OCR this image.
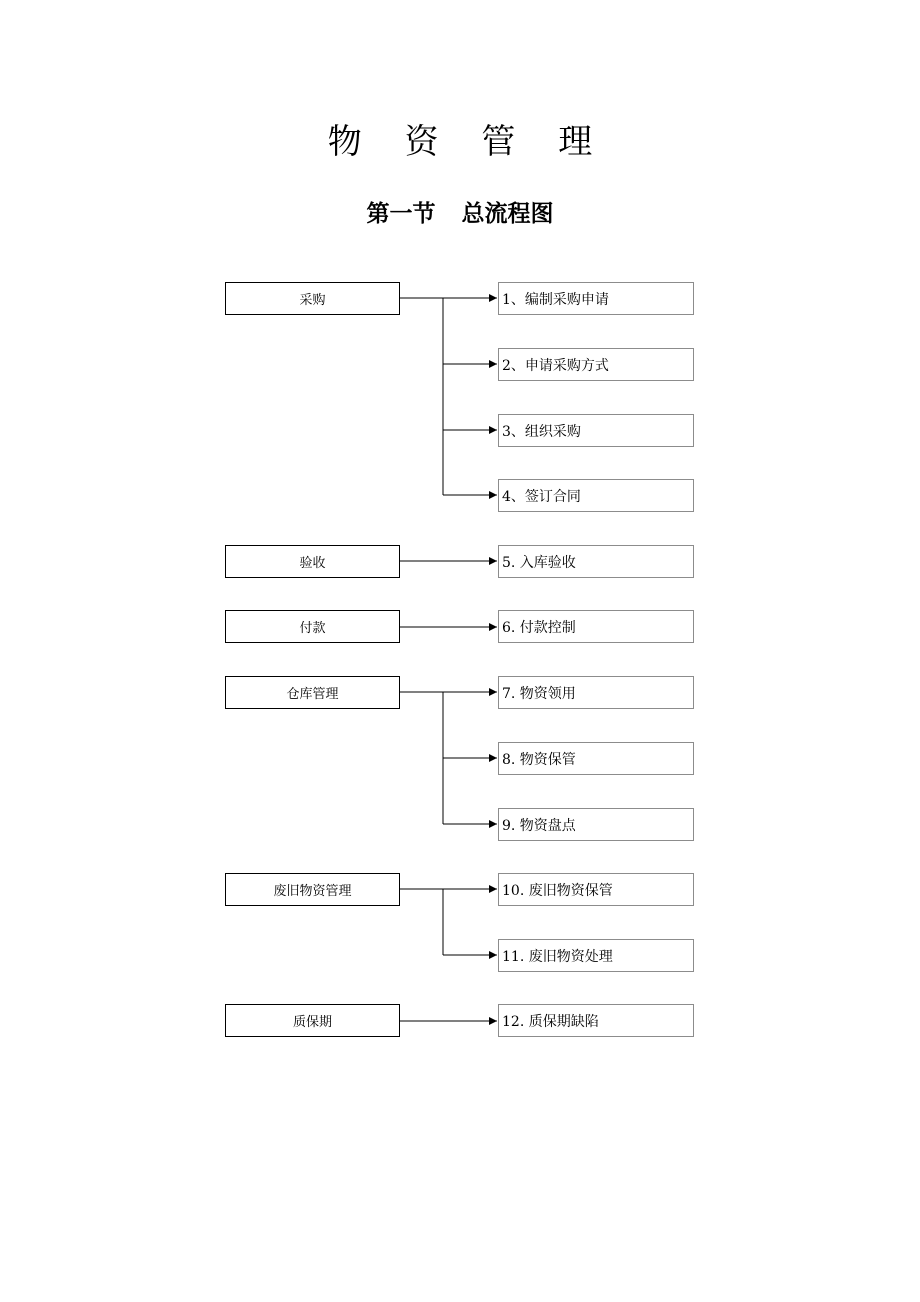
物 资 管 理
第一节 总流程图
采购
验收
付款
仓库管理
废旧物资管理
质保期
1、编制采购申请
2、申请采购方式
3、组织采购
4、签订合同
5. 入库验收
6. 付款控制
7. 物资领用
8. 物资保管
9. 物资盘点
10. 废旧物资保管
11. 废旧物资处理
12. 质保期缺陷
